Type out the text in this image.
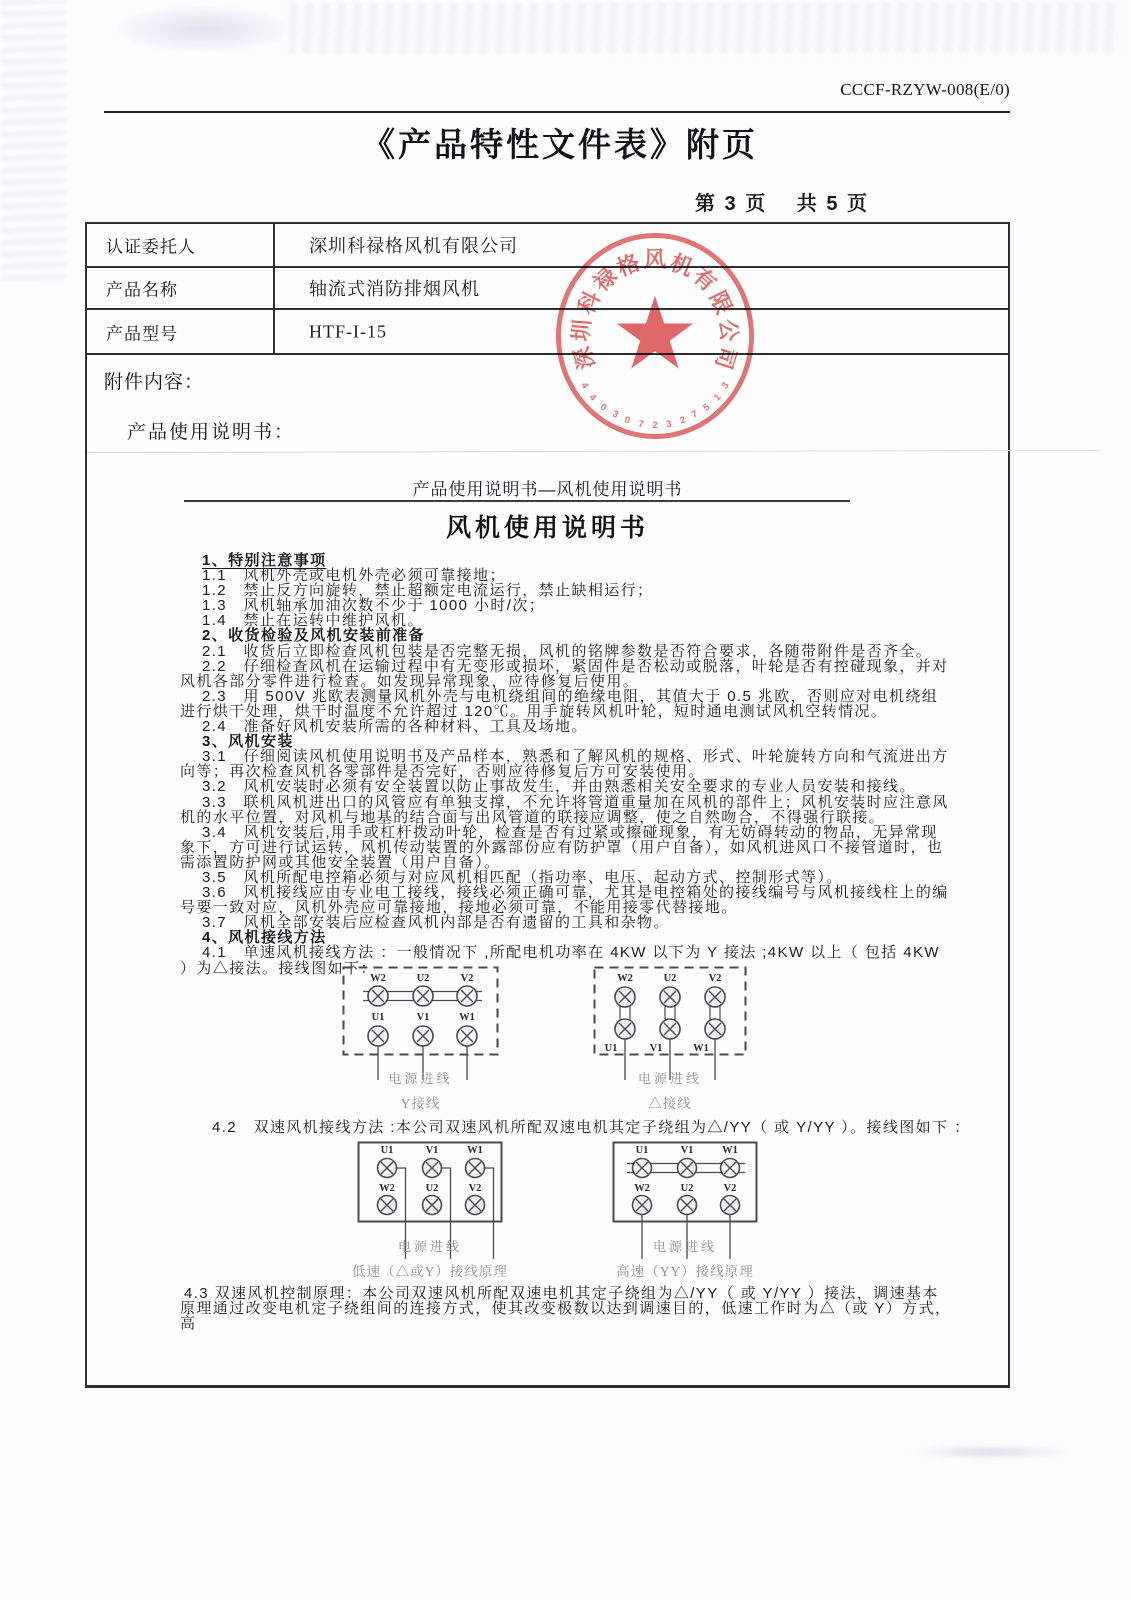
CCCF-RZYW-008(E/0)
《产品特性文件表》附页
第 3 页　 共 5 页
认证委托人	深圳科禄格风机有限公司
产品名称	轴流式消防排烟风机
产品型号	HTF-I-15
附件内容：
产品使用说明书：
产品使用说明书—风机使用说明书
风机使用说明书

1、特别注意事项

1.1　风机外壳或电机外壳必须可靠接地；

1.2　禁止反方向旋转，禁止超额定电流运行，禁止缺相运行；

1.3　风机轴承加油次数不少于 1000 小时/次；

1.4　禁止在运转中维护风机。

2、收货检验及风机安装前准备

2.1　收货后立即检查风机包装是否完整无损，风机的铭牌参数是否符合要求，各随带附件是否齐全。

2.2　仔细检查风机在运输过程中有无变形或损坏，紧固件是否松动或脱落，叶轮是否有控碰现象，并对风机各部分零件进行检查。如发现异常现象，应待修复后使用。

2.3　用 500V 兆欧表测量风机外壳与电机绕组间的绝缘电阻，其值大于 0.5 兆欧，否则应对电机绕组进行烘干处理，烘干时温度不允许超过 120℃。用手旋转风机叶轮，短时通电测试风机空转情况。

2.4　准备好风机安装所需的各种材料、工具及场地。

3、风机安装

3.1　仔细阅读风机使用说明书及产品样本，熟悉和了解风机的规格、形式、叶轮旋转方向和气流进出方向等；再次检查风机各零部件是否完好，否则应待修复后方可安装使用。

3.2　风机安装时必须有安全装置以防止事故发生，并由熟悉相关安全要求的专业人员安装和接线。

3.3　联机风机进出口的风管应有单独支撑，不允许将管道重量加在风机的部件上；风机安装时应注意风机的水平位置，对风机与地基的结合面与出风管道的联接应调整，使之自然吻合，不得强行联接。

3.4　风机安装后,用手或杠杆拨动叶轮，检查是否有过紧或擦碰现象，有无妨碍转动的物品，无异常现象下，方可进行试运转，风机传动装置的外露部份应有防护罩（用户自备），如风机进风口不接管道时，也需添置防护网或其他安全装置（用户自备）。

3.5　风机所配电控箱必须与对应风机相匹配（指功率、电压、起动方式、控制形式等）。

3.6　风机接线应由专业电工接线，接线必须正确可靠，尤其是电控箱处的接线编号与风机接线柱上的编号要一致对应，风机外壳应可靠接地，接地必须可靠，不能用接零代替接地。

3.7　风机全部安装后应检查风机内部是否有遗留的工具和杂物。

4、风机接线方法

4.1　单速风机接线方法 ：一般情况下 ,所配电机功率在 4KW 以下为 Y 接法 ;4KW 以上（ 包括 4KW ）为△接法。接线图如下：

4.2　双速风机接线方法 :本公司双速风机所配双速电机其定子绕组为△/YY（ 或 Y/YY ）。接线图如下 ：
4.3 双速风机控制原理：本公司双速风机所配双速电机其定子绕组为△/YY（ 或 Y/YY ）接法，调速基本原理通过改变电机定子绕组间的连接方式，使其改变极数以达到调速目的，低速工作时为△（或 Y）方式，高
W2
U1
U2
V1
V2
W1
W2
U1
U2
V1
V2
W1
U1
W2
V1
U2
W1
V2
U1
W2
V1
U2
W1
V2
电源进线
Y接线
电源进线
△接线
电源进线
低速（△或Y）接线原理
电源进线
高速（YY）接线原理
★
深
圳
科
禄
格 风 机
有
限
公
司
4
4
0
3 0 7 2 3 2 7
5
1
3
